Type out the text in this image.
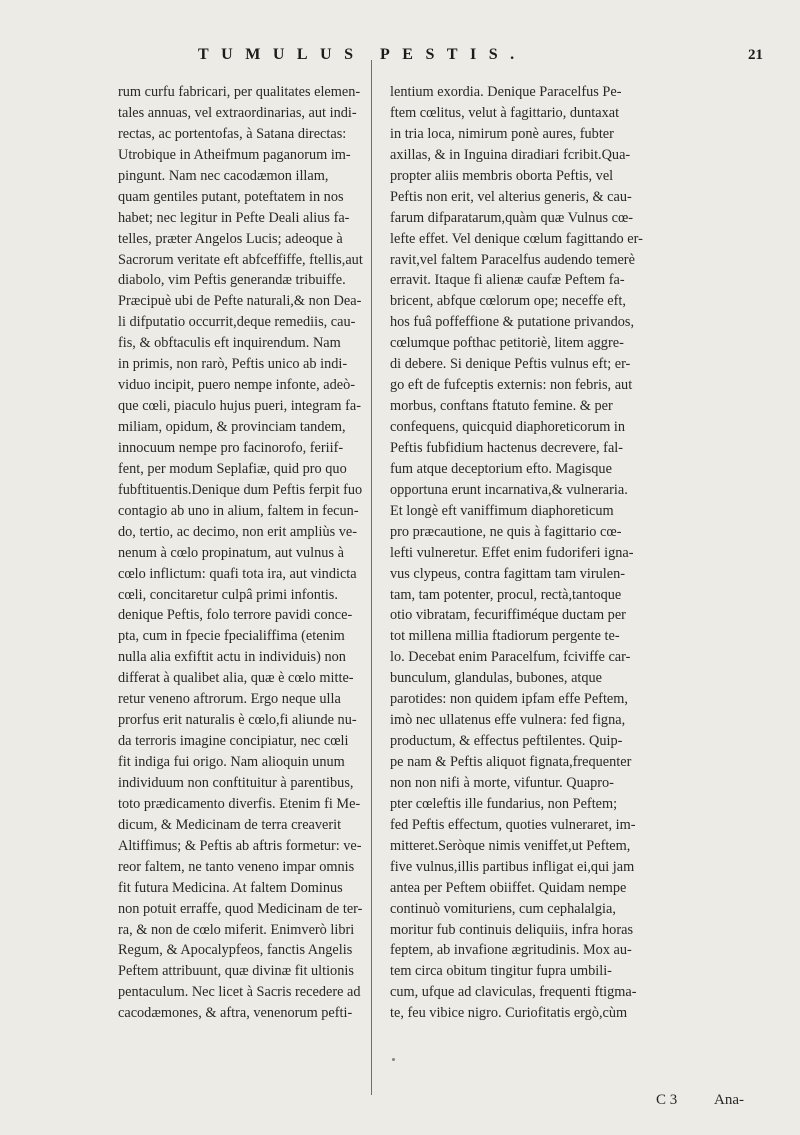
TUMULUS PESTIS.	21
rum curfu fabricari, per qualitates elemen-
tales annuas, vel extraordinarias, aut indi-
rectas, ac portentofas, à Satana directas:
Utrobique in Atheifmum paganorum im-
pingunt. Nam nec cacodæmon illam,
quam gentiles putant, poteftatem in nos
habet; nec legitur in Pefte Deali alius fa-
telles, præter Angelos Lucis; adeoque à
Sacrorum veritate eft abfceffiffe, ftellis,aut
diabolo, vim Peftis generandæ tribuiffe.
Præcipuè ubi de Pefte naturali,& non Dea-
li difputatio occurrit,deque remediis, cau-
fis, & obftaculis eft inquirendum. Nam
in primis, non rarò, Peftis unico ab indi-
viduo incipit, puero nempe infonte, adeò-
que cœli, piaculo hujus pueri, integram fa-
miliam, opidum, & provinciam tandem,
innocuum nempe pro facinorofo, feriif-
fent, per modum Seplafiæ, quid pro quo
fubftituentis.Denique dum Peftis ferpit fuo
contagio ab uno in alium, faltem in fecun-
do, tertio, ac decimo, non erit ampliùs ve-
nenum à cœlo propinatum, aut vulnus à
cœlo inflictum: quafi tota ira, aut vindicta
cœli, concitaretur culpâ primi infontis.
denique Peftis, folo terrore pavidi conce-
pta, cum in fpecie fpecialiffima (etenim
nulla alia exfiftit actu in individuis) non
differat à qualibet alia, quæ è cœlo mitte-
retur veneno aftrorum. Ergo neque ulla
prorfus erit naturalis è cœlo,fi aliunde nu-
da terroris imagine concipiatur, nec cœli
fit indiga fui origo. Nam alioquin unum
individuum non conftituitur à parentibus,
toto prædicamento diverfis. Etenim fi Me-
dicum, & Medicinam de terra creaverit
Altiffimus; & Peftis ab aftris formetur: ve-
reor faltem, ne tanto veneno impar omnis
fit futura Medicina. At faltem Dominus
non potuit erraffe, quod Medicinam de ter-
ra, & non de cœlo miferit. Enimverò libri
Regum, & Apocalypfeos, fanctis Angelis
Peftem attribuunt, quæ divinæ fit ultionis
pentaculum. Nec licet à Sacris recedere ad
cacodæmones, & aftra, venenorum pefti-
lentium exordia. Denique Paracelfus Pe-
ftem cœlitus, velut à fagittario, duntaxat
in tria loca, nimirum ponè aures, fubter
axillas, & in Inguina diradiari fcribit.Qua-
propter aliis membris oborta Peftis, vel
Peftis non erit, vel alterius generis, & cau-
farum difparatarum,quàm quæ Vulnus cœ-
lefte effet. Vel denique cœlum fagittando er-
ravit,vel faltem Paracelfus audendo temerè
erravit. Itaque fi alienæ caufæ Peftem fa-
bricent, abfque cœlorum ope; neceffe eft,
hos fuâ poffeffione & putatione privandos,
cœlumque pofthac petitoriè, litem aggre-
di debere. Si denique Peftis vulnus eft; er-
go eft de fufceptis externis: non febris, aut
morbus, conftans ftatuto femine. & per
confequens, quicquid diaphoreticorum in
Peftis fubfidium hactenus decrevere, fal-
fum atque deceptorium efto. Magisque
opportuna erunt incarnativa,& vulneraria.
Et longè eft vaniffimum diaphoreticum
pro præcautione, ne quis à fagittario cœ-
lefti vulneretur. Effet enim fudoriferi igna-
vus clypeus, contra fagittam tam virulen-
tam, tam potenter, procul, rectà,tantoque
otio vibratam, fecuriffiméque ductam per
tot millena millia ftadiorum pergente te-
lo. Decebat enim Paracelfum, fciviffe car-
bunculum, glandulas, bubones, atque
parotides: non quidem ipfam effe Peftem,
imò nec ullatenus effe vulnera: fed figna,
productum, & effectus peftilentes. Quip-
pe nam & Peftis aliquot fignata,frequenter
non non nifi à morte, vifuntur. Quapro-
pter cœleftis ille fundarius, non Peftem;
fed Peftis effectum, quoties vulneraret, im-
mitteret.Seròque nimis veniffet,ut Peftem,
five vulnus,illis partibus infligat ei,qui jam
antea per Peftem obiiffet. Quidam nempe
continuò vomituriens, cum cephalalgia,
moritur fub continuis deliquiis, infra horas
feptem, ab invafione ægritudinis. Mox au-
tem circa obitum tingitur fupra umbili-
cum, ufque ad claviculas, frequenti ftigma-
te, feu vibice nigro. Curiofitatis ergò,cùm
C 3 Ana-
